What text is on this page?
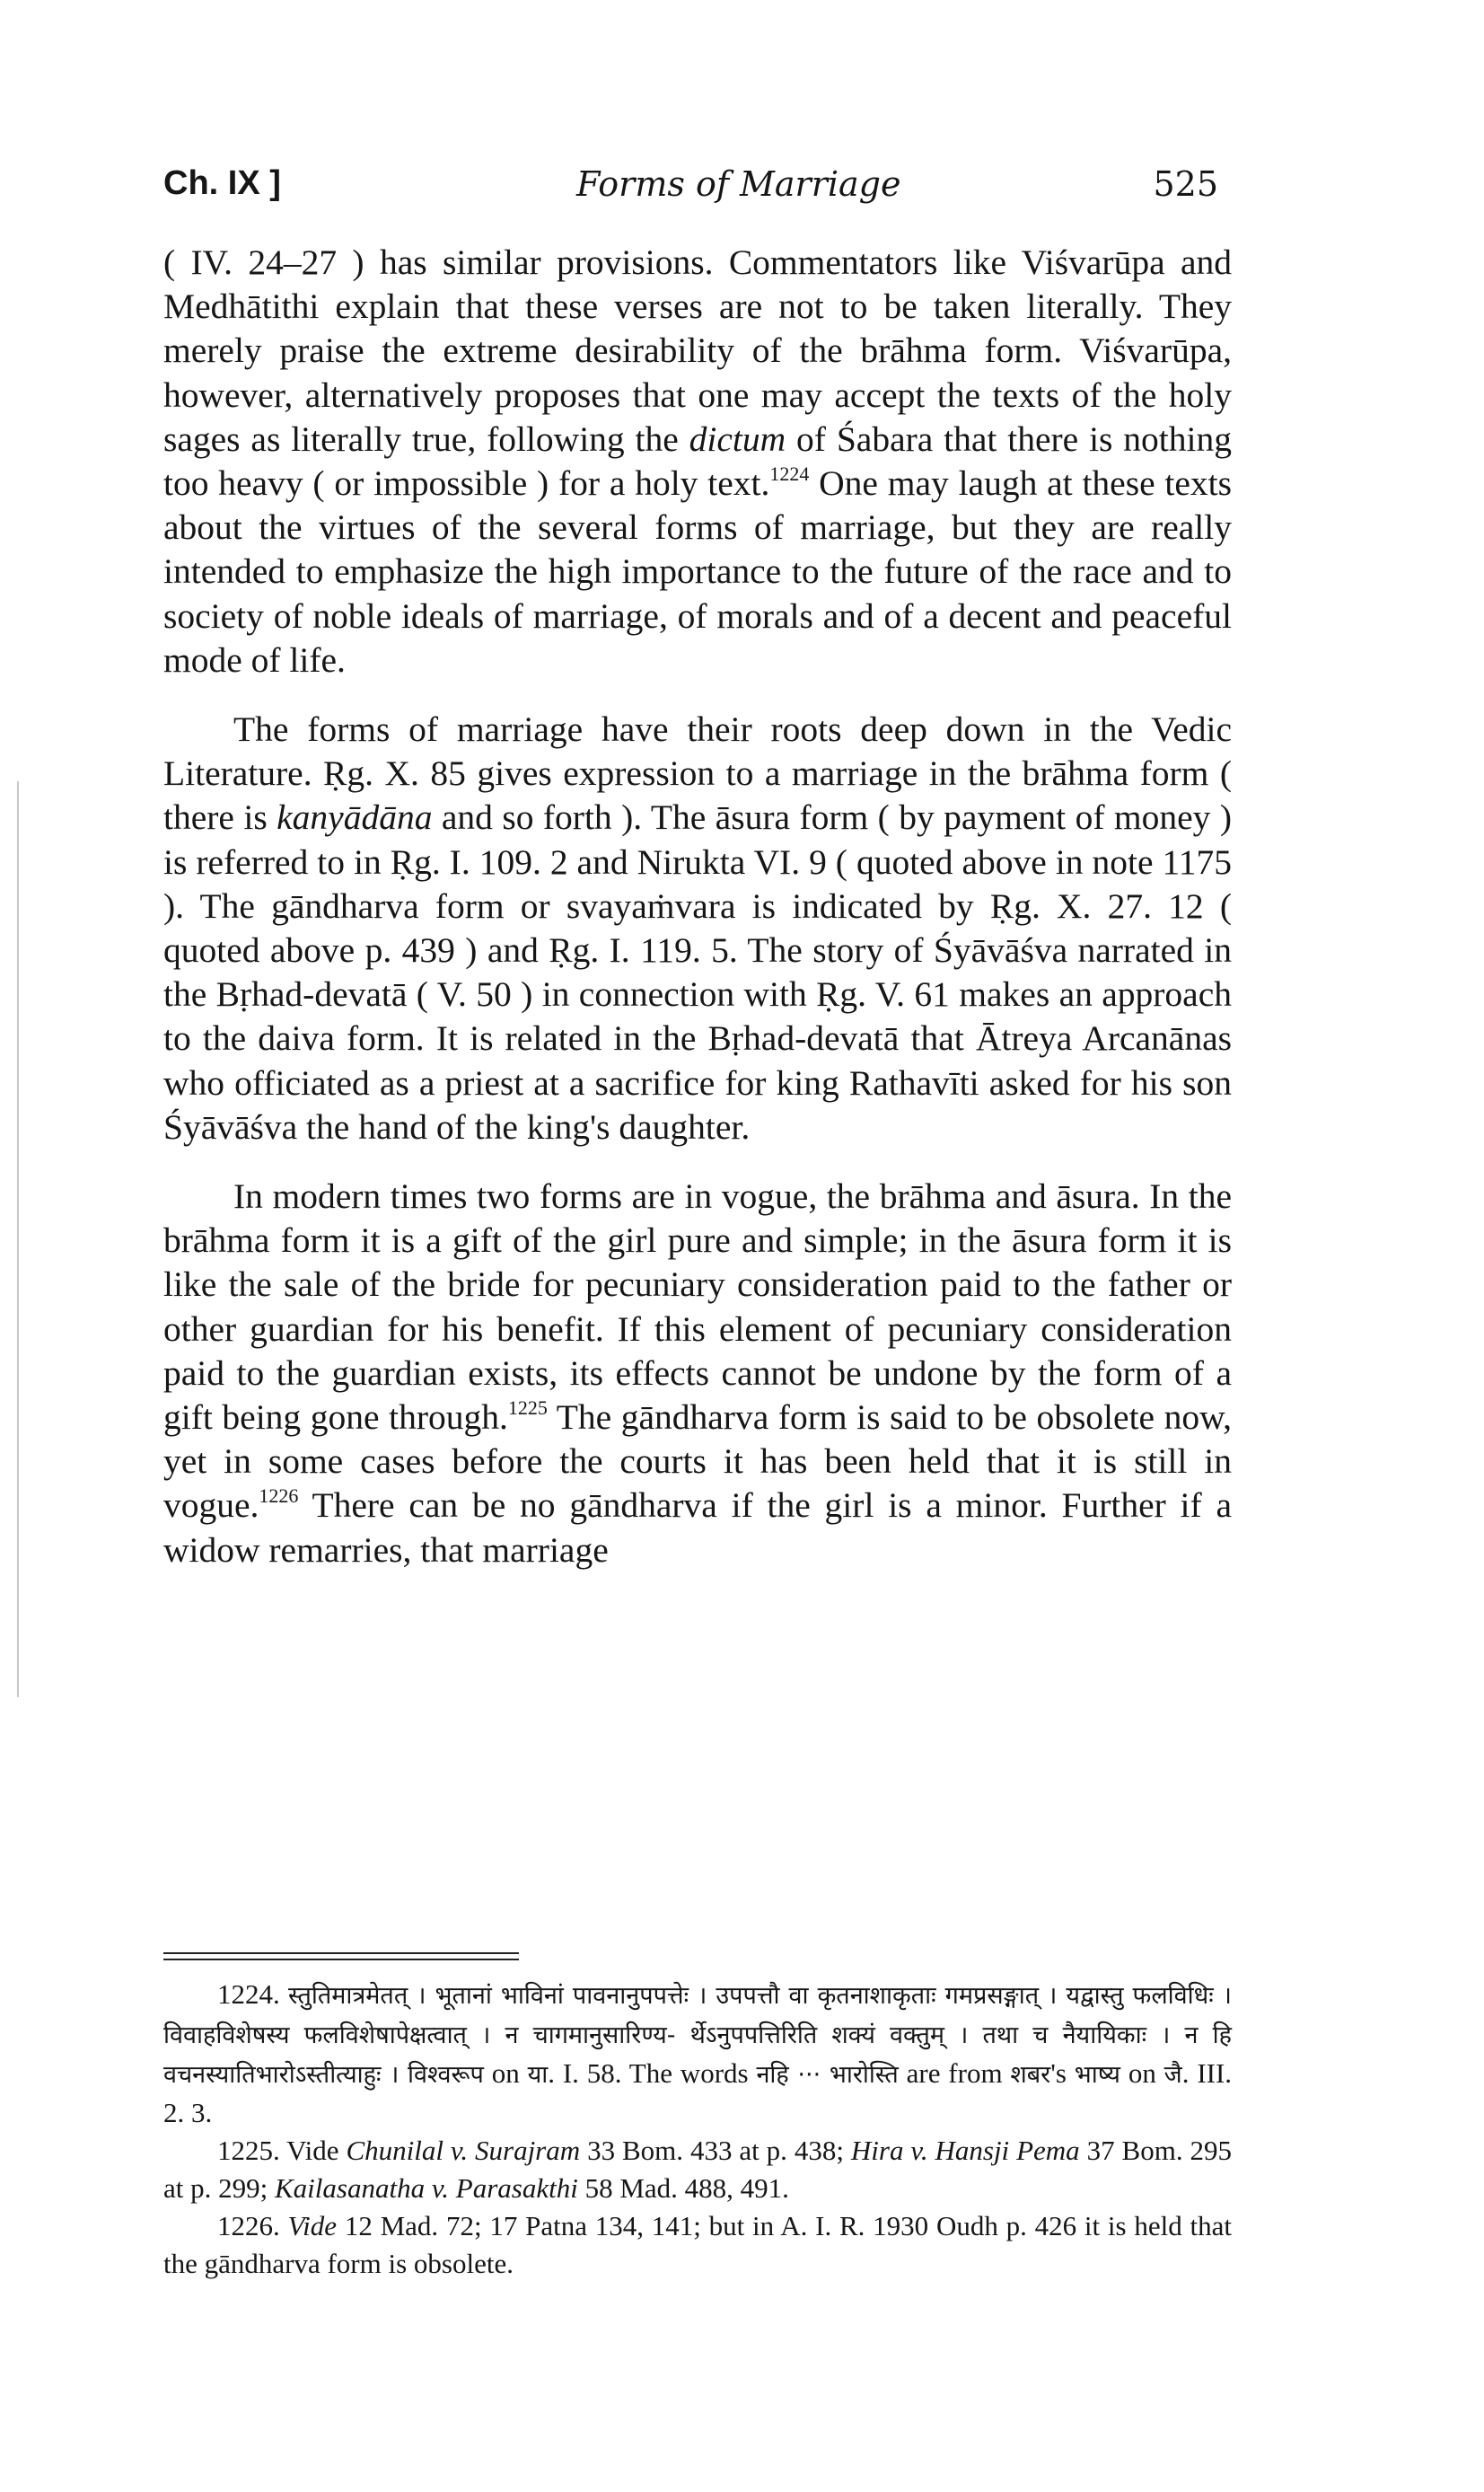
Ch. IX ]	Forms of Marriage	525

( IV. 24–27 ) has similar provisions. Commentators like Viśvarūpa and Medhātithi explain that these verses are not to be taken literally. They merely praise the extreme desirability of the brāhma form. Viśvarūpa, however, alternatively proposes that one may accept the texts of the holy sages as literally true, following the dictum of Śabara that there is nothing too heavy ( or impossible ) for a holy text.$^{1224}$ One may laugh at these texts about the virtues of the several forms of marriage, but they are really intended to emphasize the high importance to the future of the race and to society of noble ideals of marriage, of morals and of a decent and peaceful mode of life.

The forms of marriage have their roots deep down in the Vedic Literature. Ṛg. X. 85 gives expression to a marriage in the brāhma form ( there is kanyādāna and so forth ). The āsura form ( by payment of money ) is referred to in Ṛg. I. 109. 2 and Nirukta VI. 9 ( quoted above in note 1175 ). The gāndharva form or svayaṁvara is indicated by Ṛg. X. 27. 12 ( quoted above p. 439 ) and Ṛg. I. 119. 5. The story of Śyāvāśva narrated in the Bṛhad-devatā ( V. 50 ) in connection with Ṛg. V. 61 makes an approach to the daiva form. It is related in the Bṛhad-devatā that Ātreya Arcanānas who officiated as a priest at a sacrifice for king Rathavīti asked for his son Śyāvāśva the hand of the king's daughter.

In modern times two forms are in vogue, the brāhma and āsura. In the brāhma form it is a gift of the girl pure and simple; in the āsura form it is like the sale of the bride for pecuniary consideration paid to the father or other guardian for his benefit. If this element of pecuniary consideration paid to the guardian exists, its effects cannot be undone by the form of a gift being gone through.$^{1225}$ The gāndharva form is said to be obsolete now, yet in some cases before the courts it has been held that it is still in vogue.$^{1226}$ There can be no gāndharva if the girl is a minor. Further if a widow remarries, that marriage

1224. स्तुतिमात्रमेतत् । भूतानां भाविनां पावनानुपपत्तेः । उपपत्तौ वा कृतनाशाकृताः गमप्रसङ्गात् । यद्वास्तु फलविधिः । विवाहविशेषस्य फलविशेषापेक्षत्वात् । न चागमानुसारिण्य- र्थेऽनुपपत्तिरिति शक्यं वक्तुम् । तथा च नैयायिकाः । न हि वचनस्यातिभारोऽस्तीत्याहुः । विश्वरूप on या. I. 58. The words नहि ··· भारोस्ति are from शबर's भाष्य on जै. III. 2. 3.

1225. Vide Chunilal v. Surajram 33 Bom. 433 at p. 438; Hira v. Hansji Pema 37 Bom. 295 at p. 299; Kailasanatha v. Parasakthi 58 Mad. 488, 491.

1226. Vide 12 Mad. 72; 17 Patna 134, 141; but in A. I. R. 1930 Oudh p. 426 it is held that the gāndharva form is obsolete.
